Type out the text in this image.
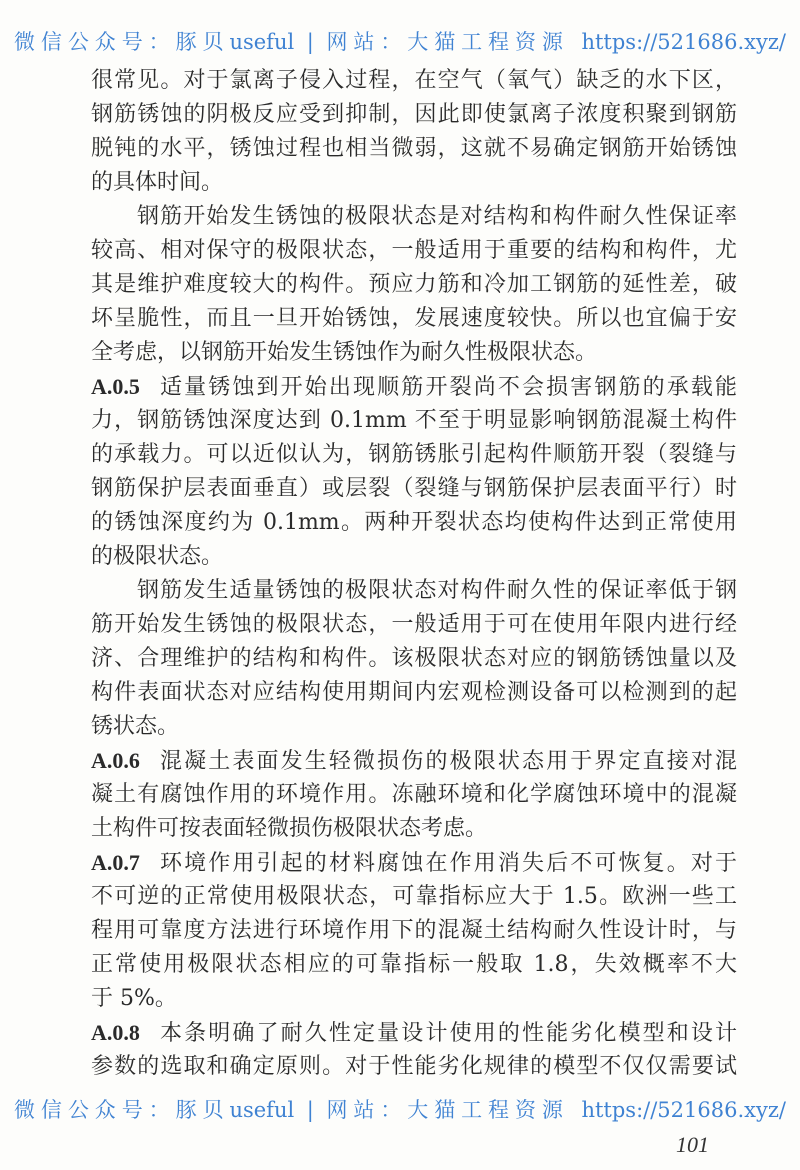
微信公众号：豚贝useful | 网站：大猫工程资源 https://521686.xyz/
很常见。对于氯离子侵入过程，在空气（氧气）缺乏的水下区，
钢筋锈蚀的阴极反应受到抑制，因此即使氯离子浓度积聚到钢筋
脱钝的水平，锈蚀过程也相当微弱，这就不易确定钢筋开始锈蚀
的具体时间。
钢筋开始发生锈蚀的极限状态是对结构和构件耐久性保证率
较高、相对保守的极限状态，一般适用于重要的结构和构件，尤
其是维护难度较大的构件。预应力筋和冷加工钢筋的延性差，破
坏呈脆性，而且一旦开始锈蚀，发展速度较快。所以也宜偏于安
全考虑，以钢筋开始发生锈蚀作为耐久性极限状态。
A.0.5 适量锈蚀到开始出现顺筋开裂尚不会损害钢筋的承载能
力，钢筋锈蚀深度达到 0.1mm 不至于明显影响钢筋混凝土构件
的承载力。可以近似认为，钢筋锈胀引起构件顺筋开裂（裂缝与
钢筋保护层表面垂直）或层裂（裂缝与钢筋保护层表面平行）时
的锈蚀深度约为 0.1mm。两种开裂状态均使构件达到正常使用
的极限状态。
钢筋发生适量锈蚀的极限状态对构件耐久性的保证率低于钢
筋开始发生锈蚀的极限状态，一般适用于可在使用年限内进行经
济、合理维护的结构和构件。该极限状态对应的钢筋锈蚀量以及
构件表面状态对应结构使用期间内宏观检测设备可以检测到的起
锈状态。
A.0.6 混凝土表面发生轻微损伤的极限状态用于界定直接对混
凝土有腐蚀作用的环境作用。冻融环境和化学腐蚀环境中的混凝
土构件可按表面轻微损伤极限状态考虑。
A.0.7 环境作用引起的材料腐蚀在作用消失后不可恢复。对于
不可逆的正常使用极限状态，可靠指标应大于 1.5。欧洲一些工
程用可靠度方法进行环境作用下的混凝土结构耐久性设计时，与
正常使用极限状态相应的可靠指标一般取 1.8，失效概率不大
于 5%。
A.0.8 本条明确了耐久性定量设计使用的性能劣化模型和设计
参数的选取和确定原则。对于性能劣化规律的模型不仅仅需要试
微信公众号：豚贝useful | 网站：大猫工程资源 https://521686.xyz/
101
